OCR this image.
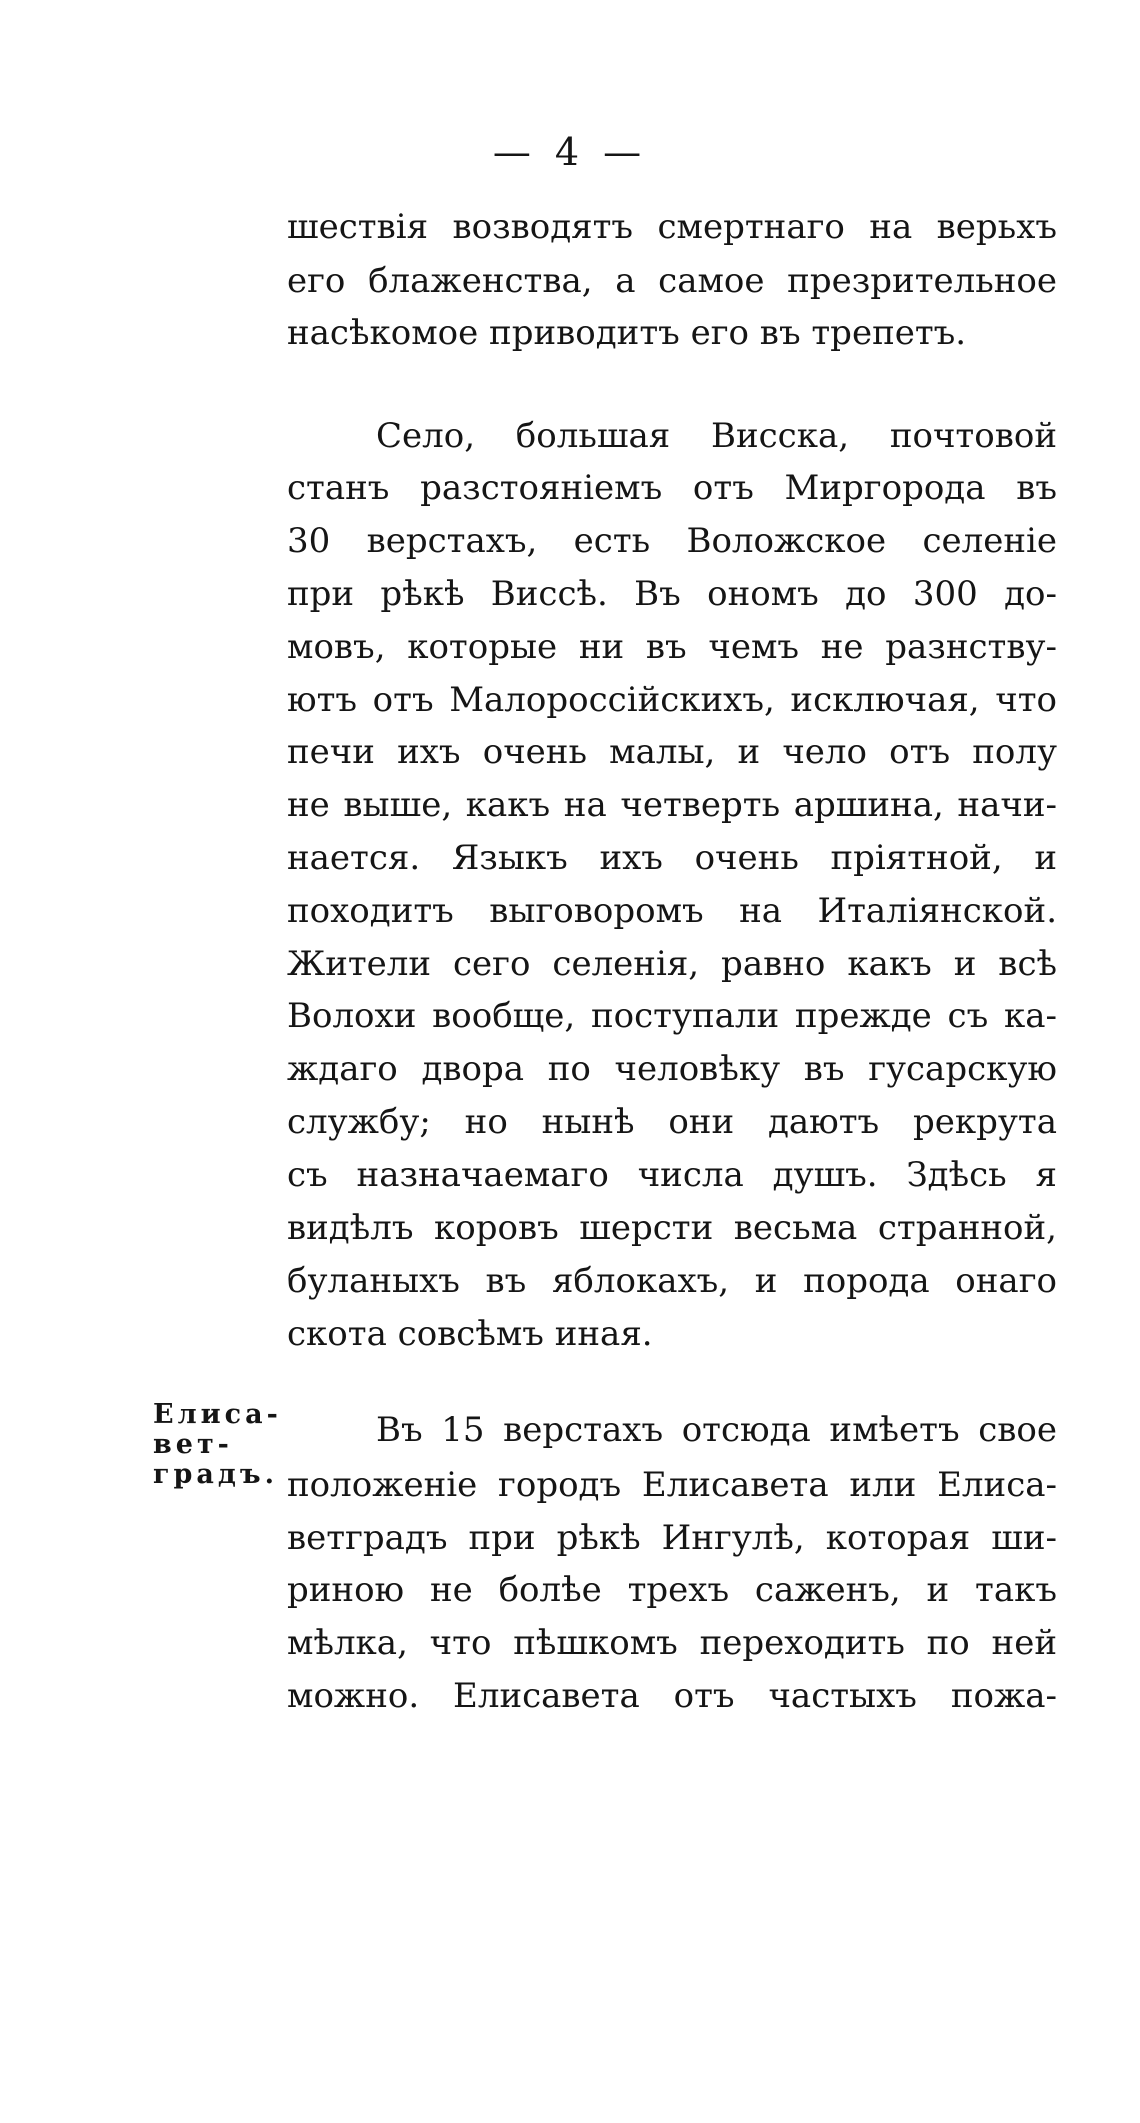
— 4 —
шествія возводятъ смертнаго на верьхъ
его блаженства, а самое презрительное
насѣкомое приводитъ его въ трепетъ.
Село, большая Висска, почтовой
станъ разстояніемъ отъ Миргорода въ
30 верстахъ, есть Воложское селеніе
при рѣкѣ Виссѣ. Въ ономъ до 300 до-
мовъ, которые ни въ чемъ не разнству-
ютъ отъ Малороссійскихъ, исключая, что
печи ихъ очень малы, и чело отъ полу
не выше, какъ на четверть аршина, начи-
нается. Языкъ ихъ очень пріятной, и
походитъ выговоромъ на Италіянской.
Жители сего селенія, равно какъ и всѣ
Волохи вообще, поступали прежде съ ка-
ждаго двора по человѣку въ гусарскую
службу; но нынѣ они даютъ рекрута
съ назначаемаго числа душъ. Здѣсь я
видѣлъ коровъ шерсти весьма странной,
буланыхъ въ яблокахъ, и порода онаго
скота совсѣмъ иная.
Елиса-
вет-
градъ.
Въ 15 верстахъ отсюда имѣетъ свое
положеніе городъ Елисавета или Елиса-
ветградъ при рѣкѣ Ингулѣ, которая ши-
риною не болѣе трехъ саженъ, и такъ
мѣлка, что пѣшкомъ переходить по ней
можно. Елисавета отъ частыхъ пожа-
